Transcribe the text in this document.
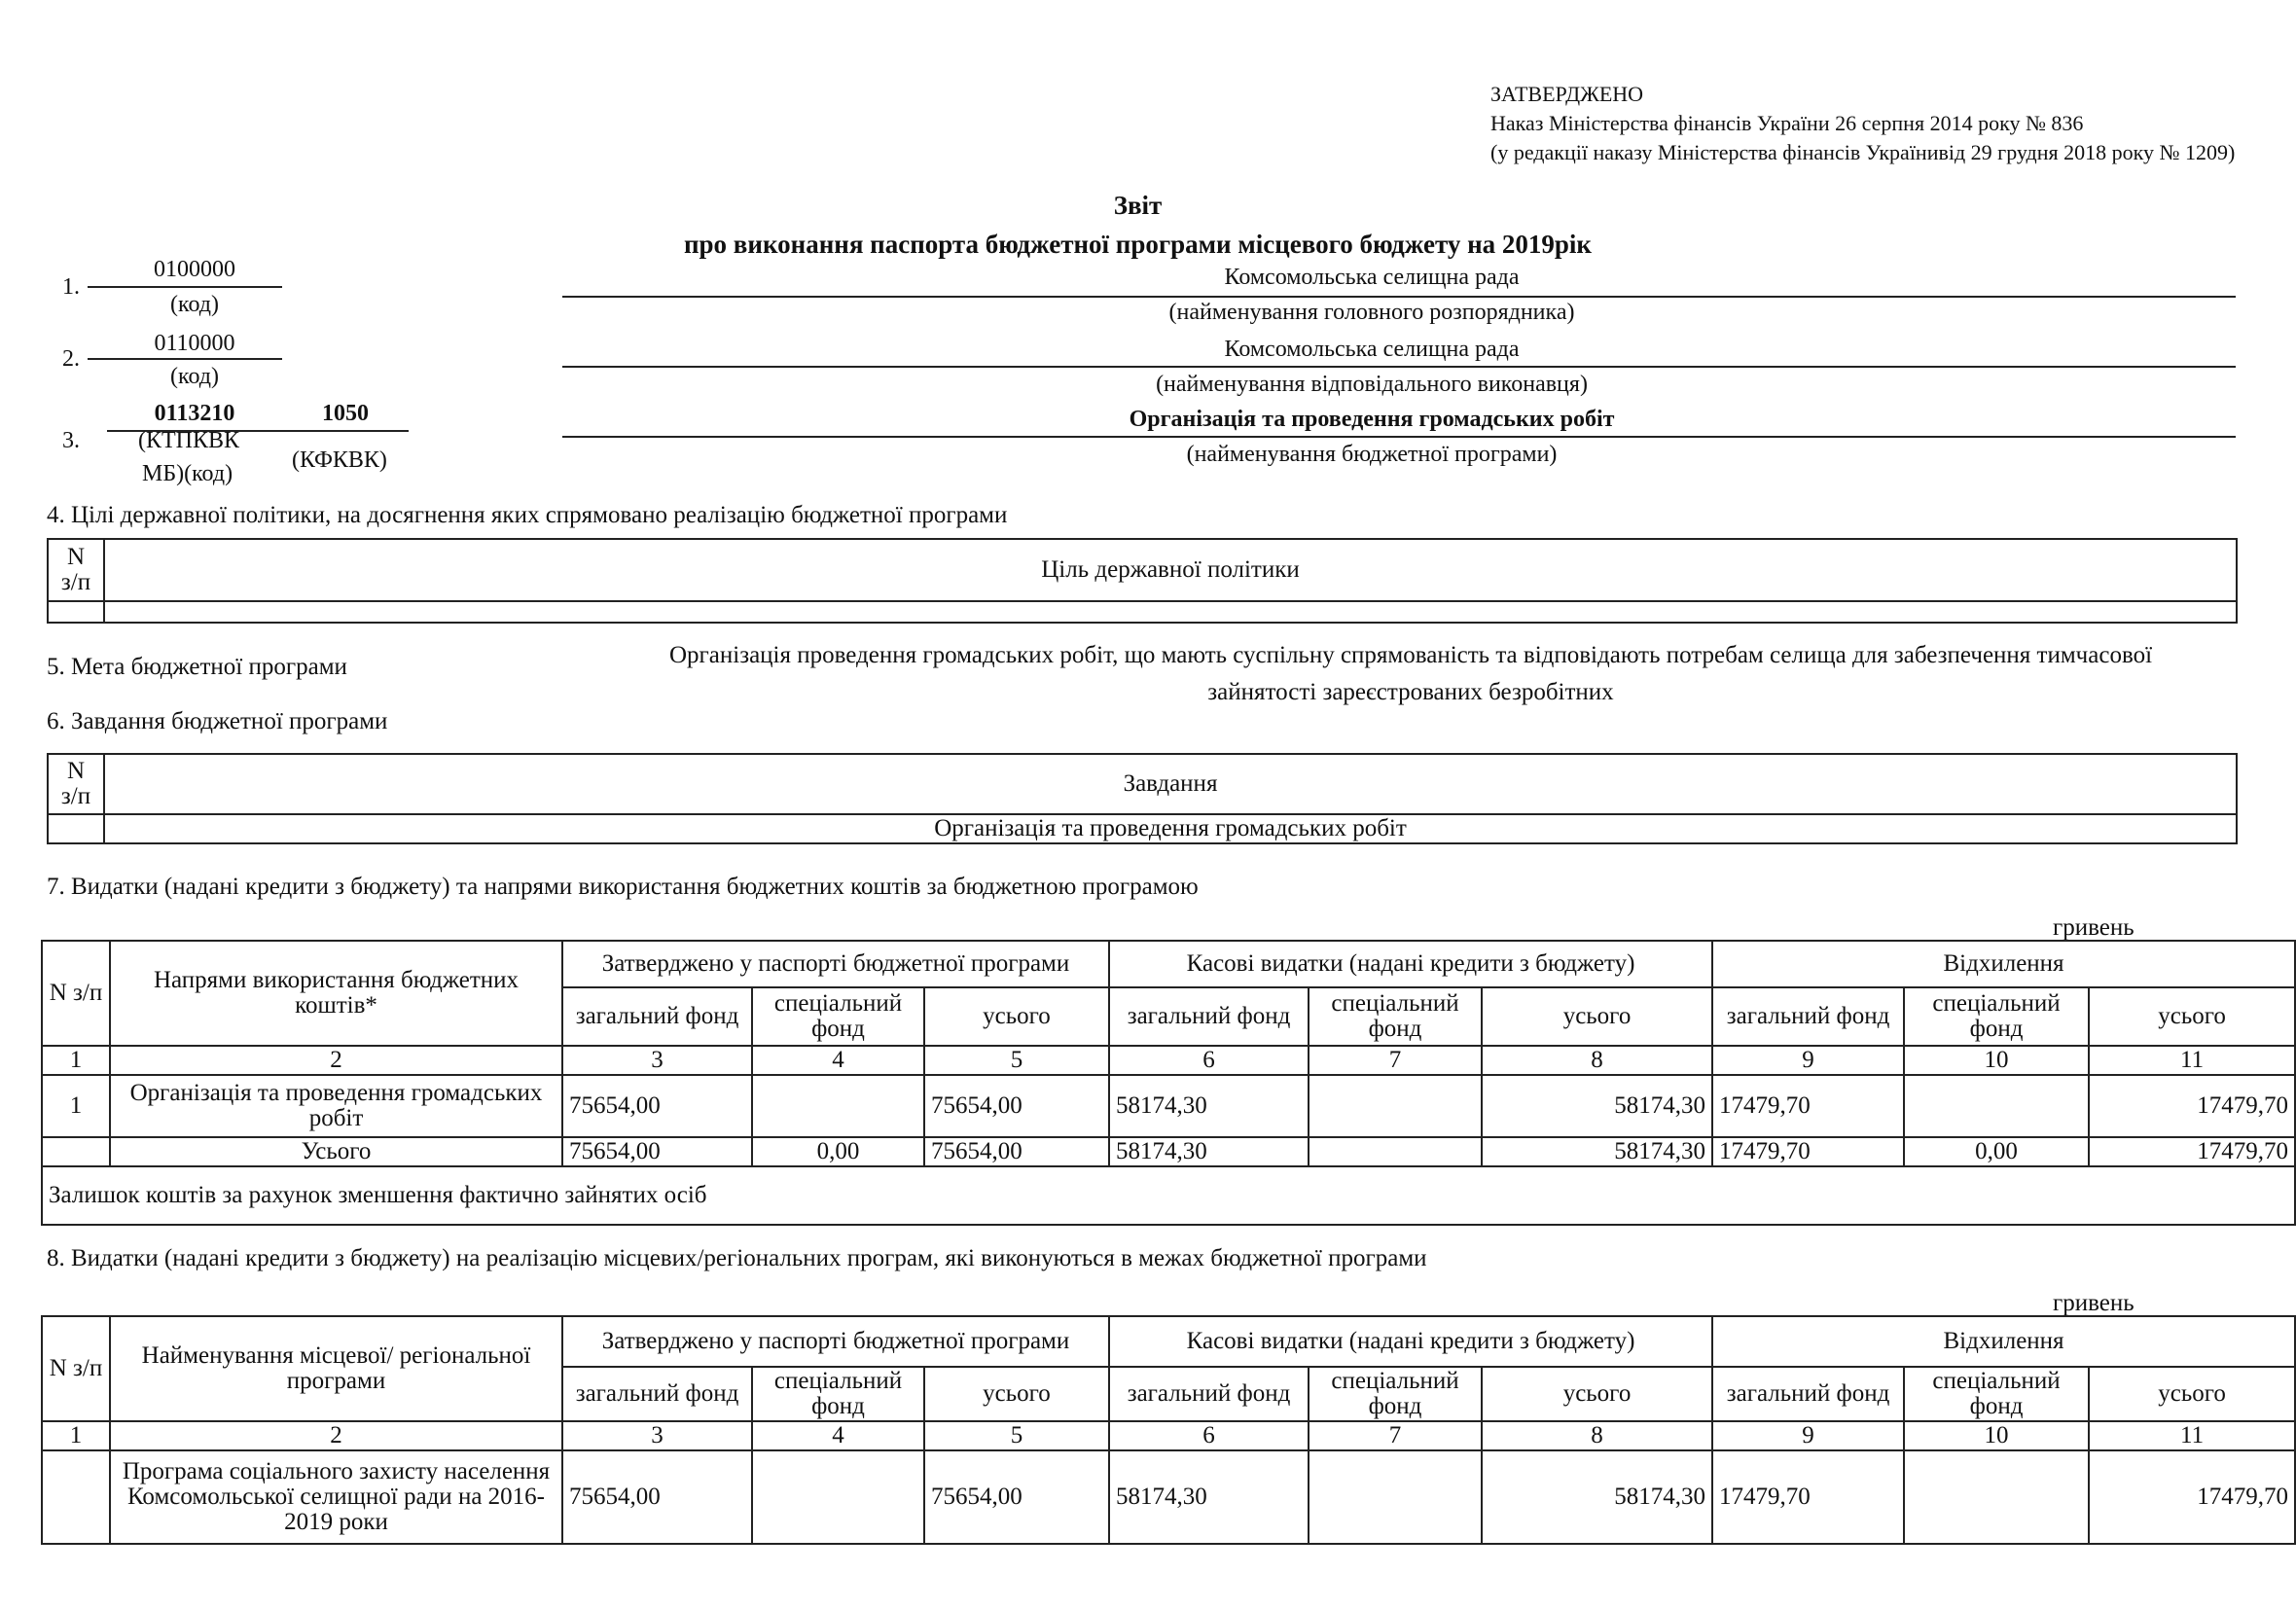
ЗАТВЕРДЖЕНО
Наказ Міністерства фінансів України 26 серпня 2014 року № 836
(у редакції наказу Міністерства фінансів Українивід 29 грудня 2018 року № 1209)
Звіт
про виконання паспорта бюджетної програми місцевого бюджету на 2019рік
1.
0100000
(код)
Комсомольська селищна рада
(найменування головного розпорядника)
2.
0110000
(код)
Комсомольська селищна рада
(найменування відповідального виконавця)
3.
0113210	1050
(КТПКВК
МБ)(код)
(КФКВК)
Організація та проведення громадських робіт
(найменування бюджетної програми)
4. Цілі державної політики, на досягнення яких спрямовано реалізацію бюджетної програми
N
з/п	Ціль державної політики

5. Мета бюджетної програми	Організація проведення громадських робіт, що мають суспільну спрямованість та відповідають потребам селища для забезпечення тимчасової
зайнятості зареєстрованих безробітних
6. Завдання бюджетної програми
N
з/п	Завдання
	Організація та проведення громадських робіт
7. Видатки (надані кредити з бюджету) та напрями використання бюджетних коштів за бюджетною програмою
гривень
N з/п	Напрями використання бюджетних коштів*	Затверджено у паспорті бюджетної програми			Касові видатки (надані кредити з бюджету)			Відхилення		
		загальний фонд	спеціальний фонд	усього	загальний фонд	спеціальний фонд	усього	загальний фонд	спеціальний фонд	усього
1	2	3	4	5	6	7	8	9	10	11
1	Організація та проведення громадських робіт	75654,00		75654,00	58174,30		58174,30	17479,70		17479,70
	Усього	75654,00	0,00	75654,00	58174,30		58174,30	17479,70	0,00	17479,70
Залишок коштів за рахунок зменшення фактично зайнятих осіб										
8. Видатки (надані кредити з бюджету) на реалізацію місцевих/регіональних програм, які виконуються в межах бюджетної програми
гривень
N з/п	Найменування місцевої/ регіональної програми	Затверджено у паспорті бюджетної програми			Касові видатки (надані кредити з бюджету)			Відхилення		
		загальний фонд	спеціальний фонд	усього	загальний фонд	спеціальний фонд	усього	загальний фонд	спеціальний фонд	усього
1	2	3	4	5	6	7	8	9	10	11
	Програма соціального захисту населення Комсомольської селищної ради на 2016-2019 роки	75654,00		75654,00	58174,30		58174,30	17479,70		17479,70
